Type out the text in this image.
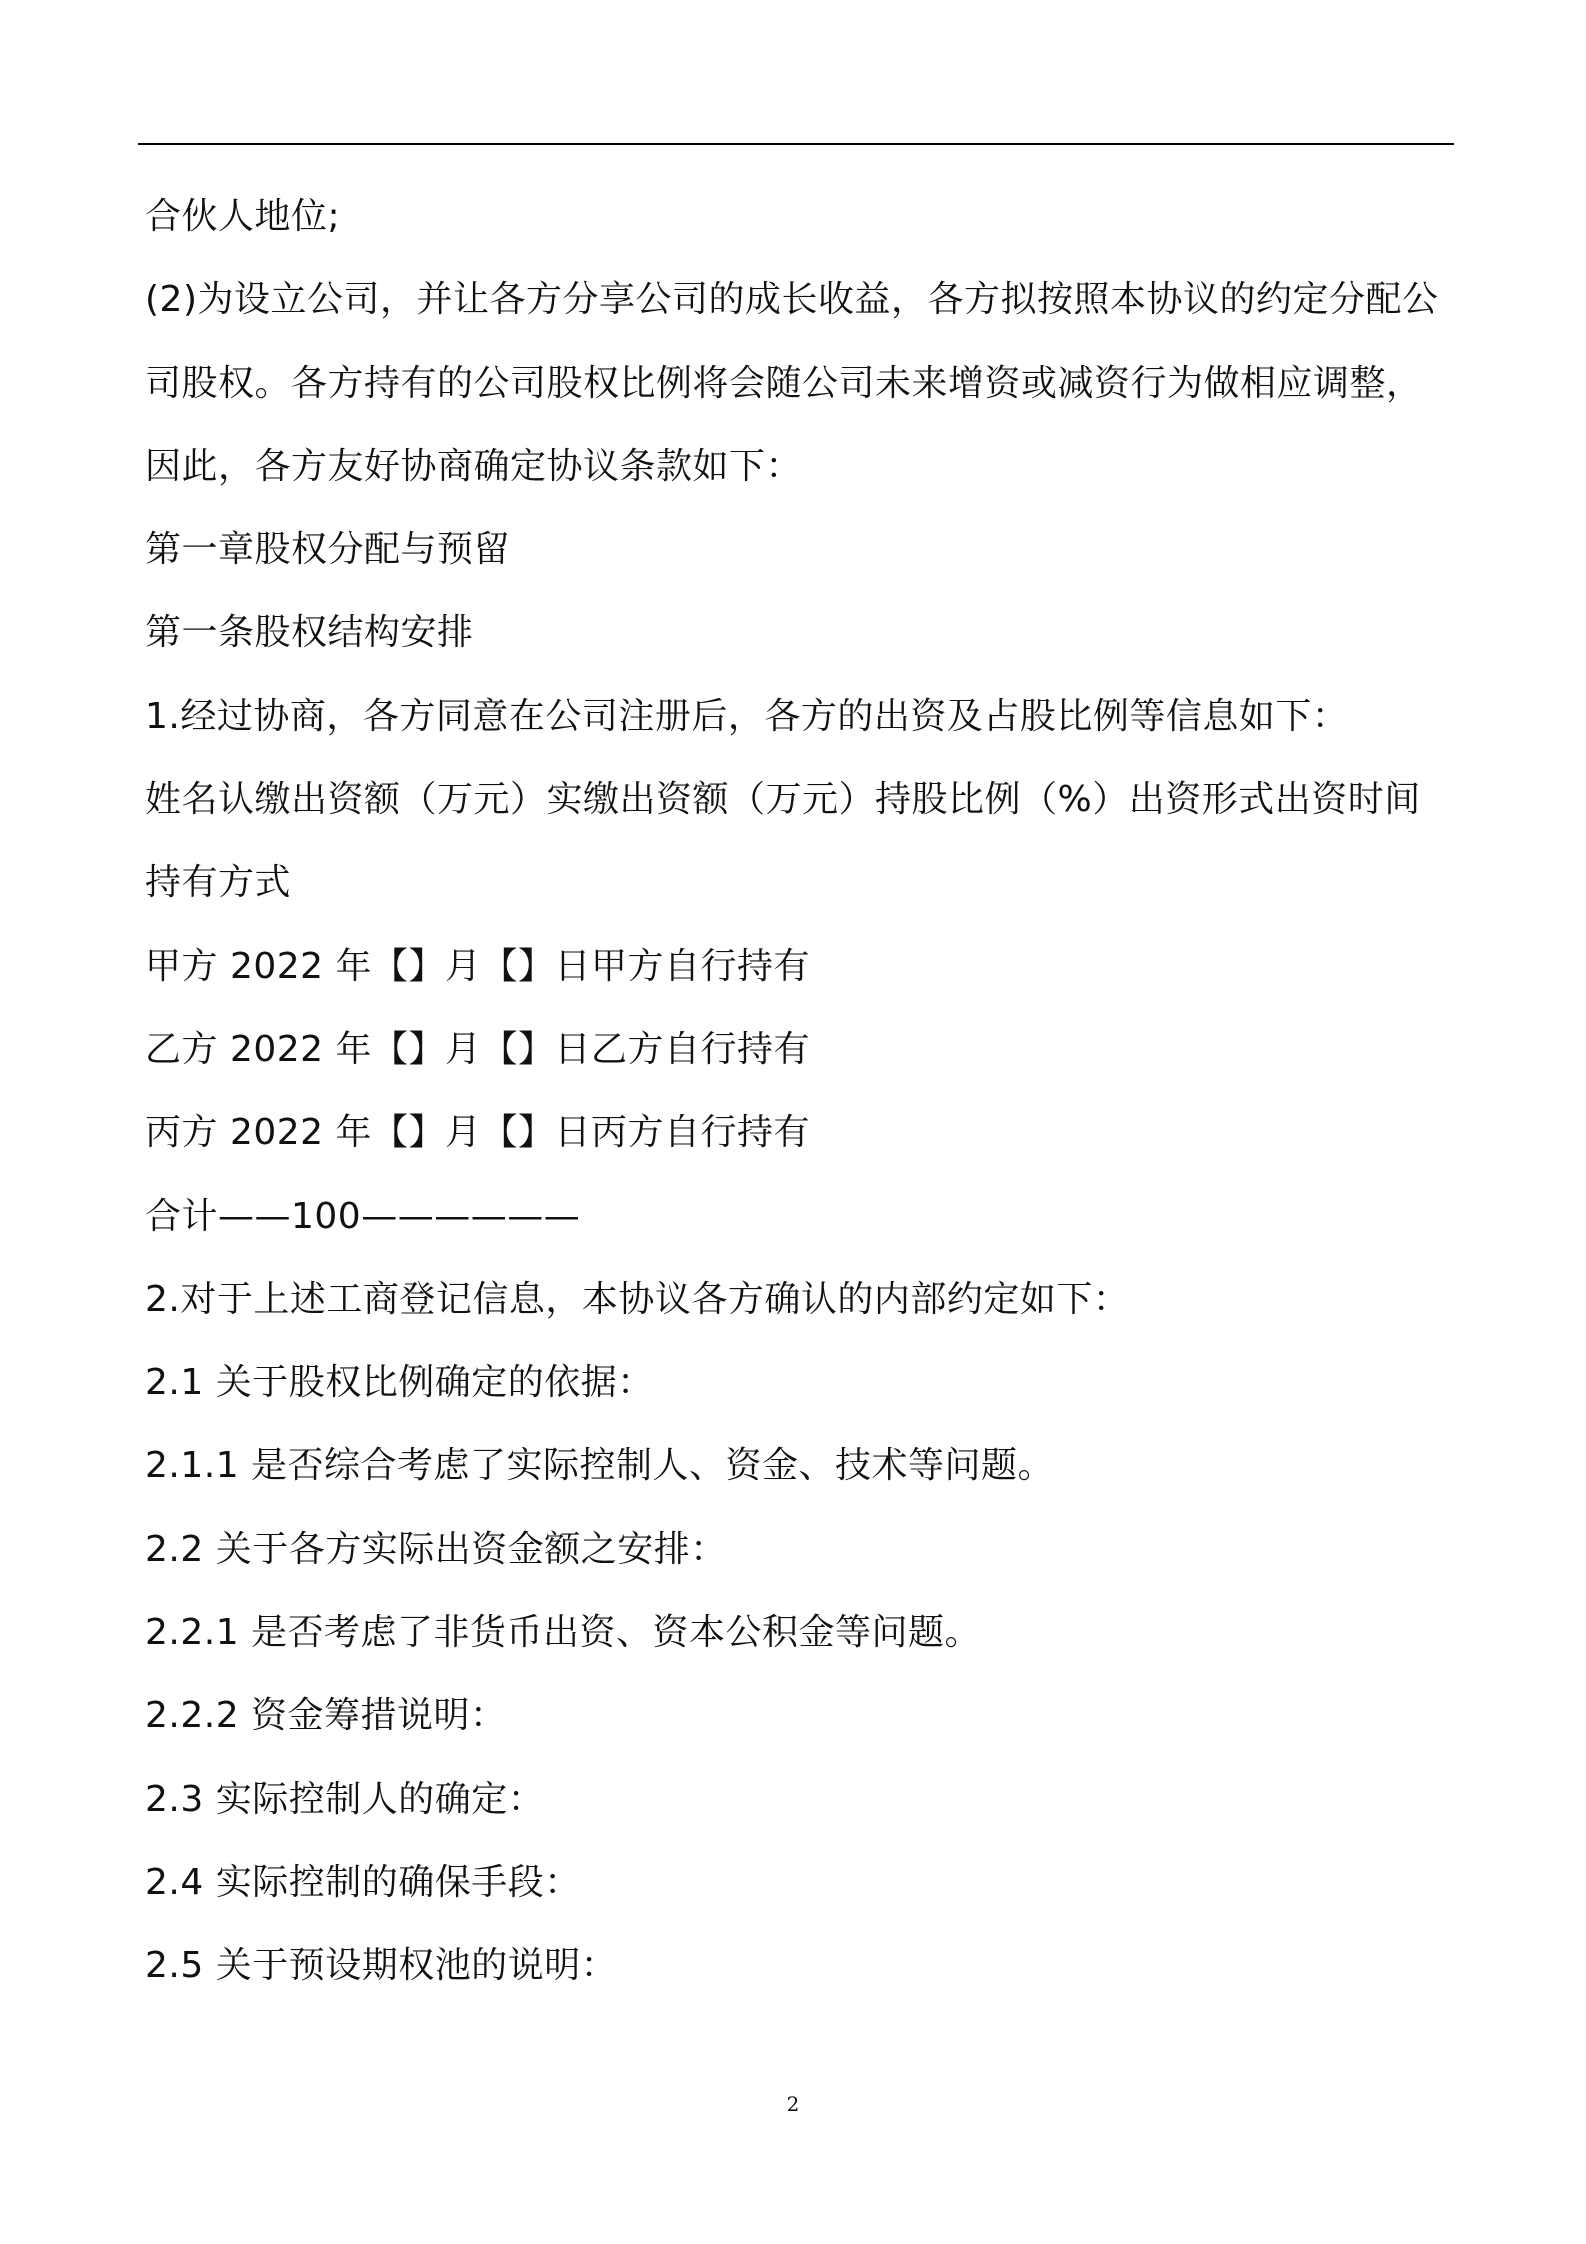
合伙人地位;
(2)为设立公司，并让各方分享公司的成长收益，各方拟按照本协议的约定分配公
司股权。各方持有的公司股权比例将会随公司未来增资或减资行为做相应调整，
因此，各方友好协商确定协议条款如下：
第一章股权分配与预留
第一条股权结构安排
1.经过协商，各方同意在公司注册后，各方的出资及占股比例等信息如下：
姓名认缴出资额（万元）实缴出资额（万元）持股比例（%）出资形式出资时间
持有方式
甲方 2022 年【】月【】日甲方自行持有
乙方 2022 年【】月【】日乙方自行持有
丙方 2022 年【】月【】日丙方自行持有
合计——100——————
2.对于上述工商登记信息，本协议各方确认的内部约定如下：
2.1 关于股权比例确定的依据：
2.1.1 是否综合考虑了实际控制人、资金、技术等问题。
2.2 关于各方实际出资金额之安排：
2.2.1 是否考虑了非货币出资、资本公积金等问题。
2.2.2 资金筹措说明：
2.3 实际控制人的确定：
2.4 实际控制的确保手段：
2.5 关于预设期权池的说明：
2
